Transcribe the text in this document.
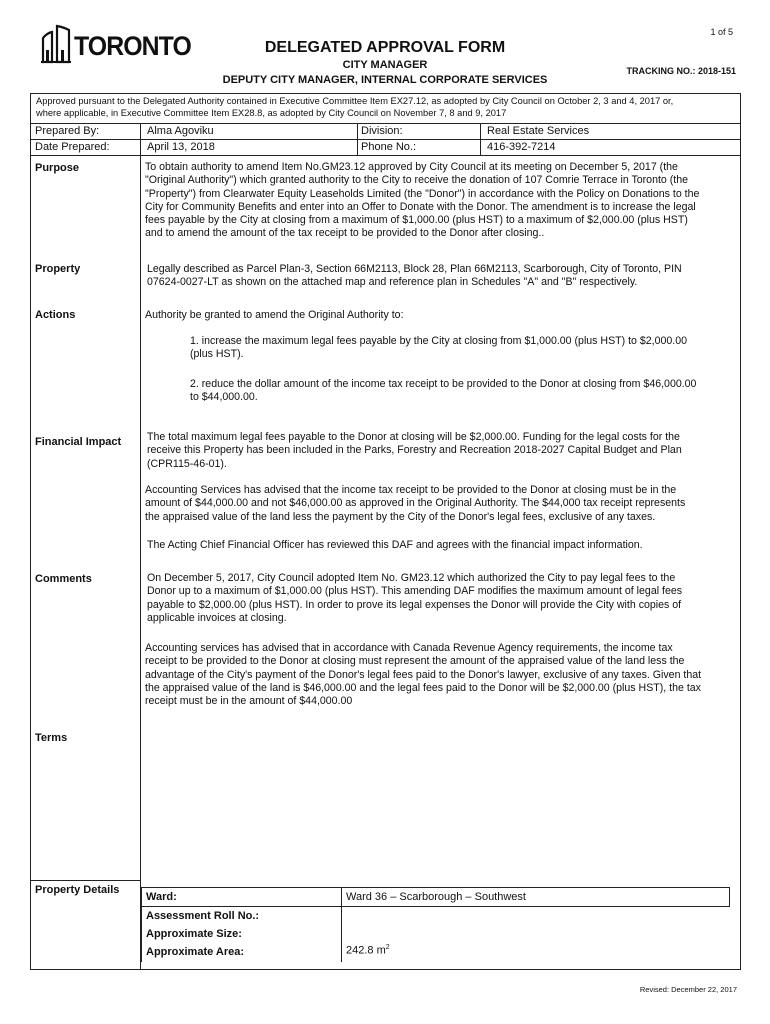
1 of 5
TORONTO	DELEGATED APPROVAL FORM
CITY MANAGER
DEPUTY CITY MANAGER, INTERNAL CORPORATE SERVICES
TRACKING NO.: 2018-151
Approved pursuant to the Delegated Authority contained in Executive Committee Item EX27.12, as adopted by City Council on October 2, 3 and 4, 2017 or,
where applicable, in Executive Committee Item EX28.8, as adopted by City Council on November 7, 8 and 9, 2017
Prepared By:	Alma Agoviku	Division:	Real Estate Services
Date Prepared:	April 13, 2018	Phone No.:	416-392-7214
Purpose	To obtain authority to amend Item No.GM23.12 approved by City Council at its meeting on December 5, 2017 (the
"Original Authority") which granted authority to the City to receive the donation of 107 Comrie Terrace in Toronto (the
"Property") from Clearwater Equity Leaseholds Limited (the "Donor") in accordance with the Policy on Donations to the
City for Community Benefits and enter into an Offer to Donate with the Donor. The amendment is to increase the legal
fees payable by the City at closing from a maximum of $1,000.00 (plus HST) to a maximum of $2,000.00 (plus HST)
and to amend the amount of the tax receipt to be provided to the Donor after closing..
Property	Legally described as Parcel Plan-3, Section 66M2113, Block 28, Plan 66M2113, Scarborough, City of Toronto, PIN
07624-0027-LT as shown on the attached map and reference plan in Schedules "A" and "B" respectively.
Actions	Authority be granted to amend the Original Authority to:
1. increase the maximum legal fees payable by the City at closing from $1,000.00 (plus HST) to $2,000.00
(plus HST).
2. reduce the dollar amount of the income tax receipt to be provided to the Donor at closing from $46,000.00
to $44,000.00.
Financial Impact The total maximum legal fees payable to the Donor at closing will be $2,000.00. Funding for the legal costs for the
receive this Property has been included in the Parks, Forestry and Recreation 2018-2027 Capital Budget and Plan
(CPR115-46-01).
Accounting Services has advised that the income tax receipt to be provided to the Donor at closing must be in the
amount of $44,000.00 and not $46,000.00 as approved in the Original Authority. The $44,000 tax receipt represents
the appraised value of the land less the payment by the City of the Donor's legal fees, exclusive of any taxes.
The Acting Chief Financial Officer has reviewed this DAF and agrees with the financial impact information.
Comments	On December 5, 2017, City Council adopted Item No. GM23.12 which authorized the City to pay legal fees to the
Donor up to a maximum of $1,000.00 (plus HST). This amending DAF modifies the maximum amount of legal fees
payable to $2,000.00 (plus HST). In order to prove its legal expenses the Donor will provide the City with copies of
applicable invoices at closing.
Accounting services has advised that in accordance with Canada Revenue Agency requirements, the income tax
receipt to be provided to the Donor at closing must represent the amount of the appraised value of the land less the
advantage of the City's payment of the Donor's legal fees paid to the Donor's lawyer, exclusive of any taxes. Given that
the appraised value of the land is $46,000.00 and the legal fees paid to the Donor will be $2,000.00 (plus HST), the tax
receipt must be in the amount of $44,000.00
Terms
Property Details
Ward:	Ward 36 – Scarborough – Southwest
Assessment Roll No.:
Approximate Size:
Approximate Area:	242.8 $m^2$
Revised: December 22, 2017
